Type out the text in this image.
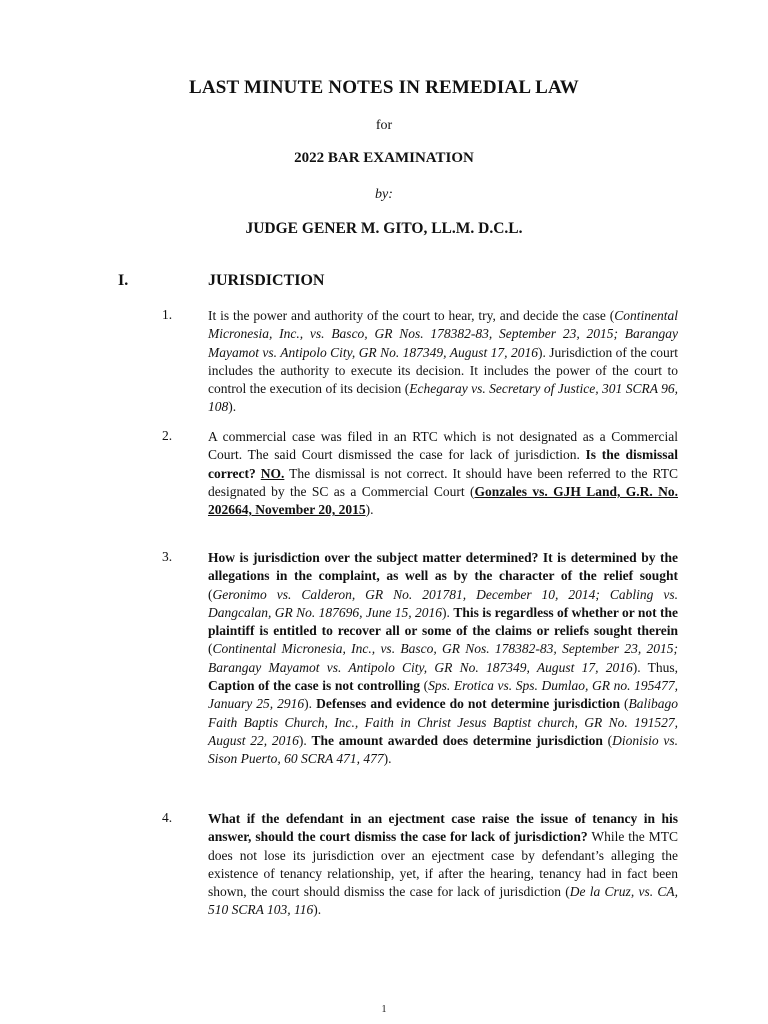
LAST MINUTE NOTES IN REMEDIAL LAW
for
2022 BAR EXAMINATION
by:
JUDGE GENER M. GITO, LL.M. D.C.L.
I.	JURISDICTION
1.	It is the power and authority of the court to hear, try, and decide the case (Continental Micronesia, Inc., vs. Basco, GR Nos. 178382-83, September 23, 2015; Barangay Mayamot vs. Antipolo City, GR No. 187349, August 17, 2016). Jurisdiction of the court includes the authority to execute its decision. It includes the power of the court to control the execution of its decision (Echegaray vs. Secretary of Justice, 301 SCRA 96, 108).
2.	A commercial case was filed in an RTC which is not designated as a Commercial Court. The said Court dismissed the case for lack of jurisdiction. Is the dismissal correct? NO. The dismissal is not correct. It should have been referred to the RTC designated by the SC as a Commercial Court (Gonzales vs. GJH Land, G.R. No. 202664, November 20, 2015).
3.	How is jurisdiction over the subject matter determined? It is determined by the allegations in the complaint, as well as by the character of the relief sought (Geronimo vs. Calderon, GR No. 201781, December 10, 2014; Cabling vs. Dangcalan, GR No. 187696, June 15, 2016). This is regardless of whether or not the plaintiff is entitled to recover all or some of the claims or reliefs sought therein (Continental Micronesia, Inc., vs. Basco, GR Nos. 178382-83, September 23, 2015; Barangay Mayamot vs. Antipolo City, GR No. 187349, August 17, 2016). Thus, Caption of the case is not controlling (Sps. Erotica vs. Sps. Dumlao, GR no. 195477, January 25, 2916). Defenses and evidence do not determine jurisdiction (Balibago Faith Baptis Church, Inc., Faith in Christ Jesus Baptist church, GR No. 191527, August 22, 2016). The amount awarded does determine jurisdiction (Dionisio vs. Sison Puerto, 60 SCRA 471, 477).
4.	What if the defendant in an ejectment case raise the issue of tenancy in his answer, should the court dismiss the case for lack of jurisdiction? While the MTC does not lose its jurisdiction over an ejectment case by defendant’s alleging the existence of tenancy relationship, yet, if after the hearing, tenancy had in fact been shown, the court should dismiss the case for lack of jurisdiction (De la Cruz, vs. CA, 510 SCRA 103, 116).
1
